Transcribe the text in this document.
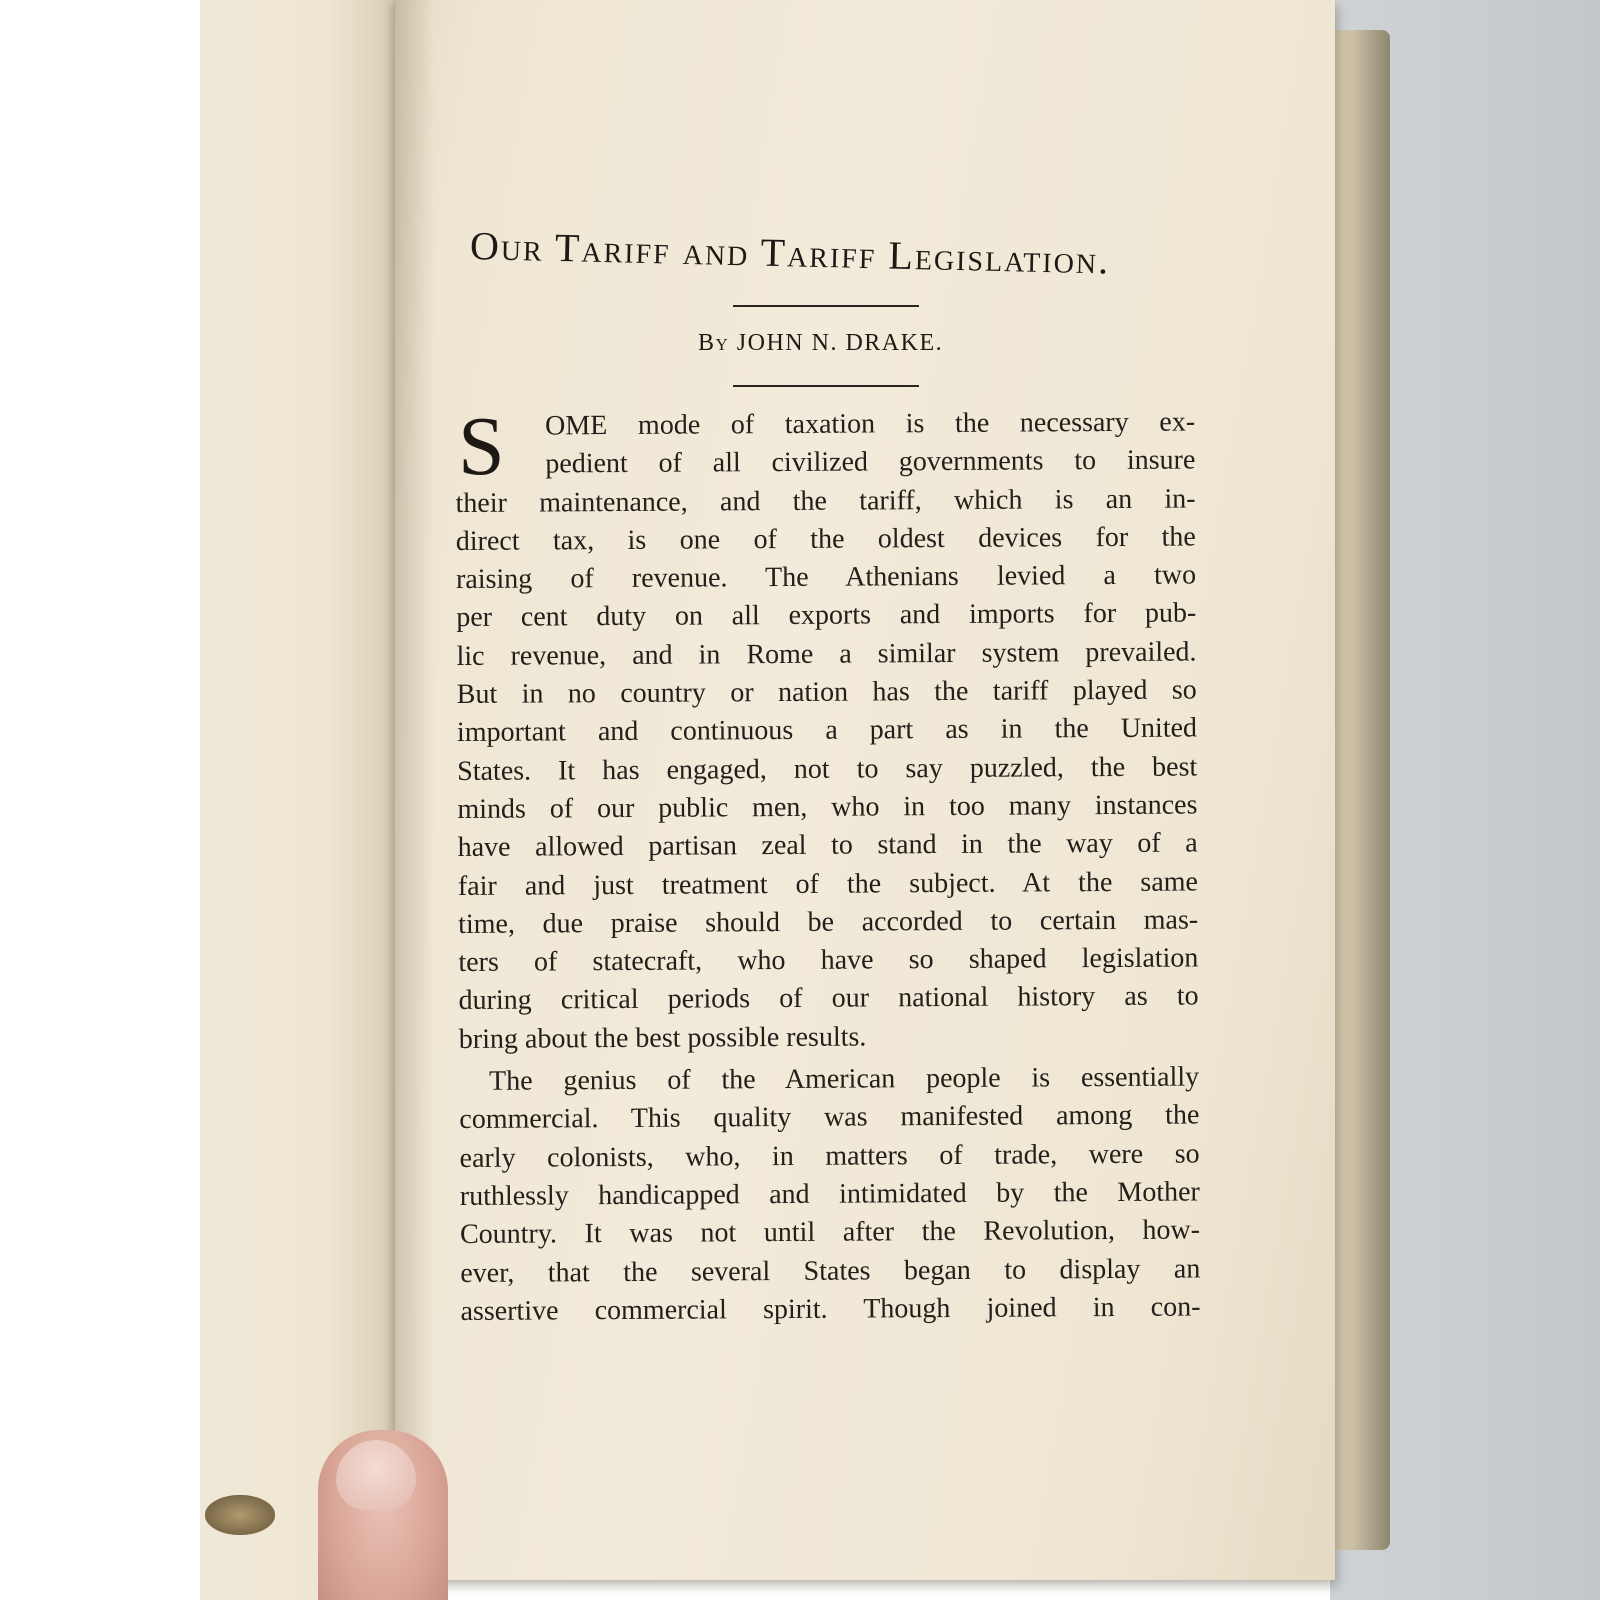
Our Tariff and Tariff Legislation.
By JOHN N. DRAKE.
S	OME mode of taxation is the necessary ex-
pedient of all civilized governments to insure
their maintenance, and the tariff, which is an in-
direct tax, is one of the oldest devices for the
raising of revenue. The Athenians levied a two
per cent duty on all exports and imports for pub-
lic revenue, and in Rome a similar system prevailed.
But in no country or nation has the tariff played so
important and continuous a part as in the United
States. It has engaged, not to say puzzled, the best
minds of our public men, who in too many instances
have allowed partisan zeal to stand in the way of a
fair and just treatment of the subject. At the same
time, due praise should be accorded to certain mas-
ters of statecraft, who have so shaped legislation
during critical periods of our national history as to
bring about the best possible results.
The genius of the American people is essentially
commercial. This quality was manifested among the
early colonists, who, in matters of trade, were so
ruthlessly handicapped and intimidated by the Mother
Country. It was not until after the Revolution, how-
ever, that the several States began to display an
assertive commercial spirit. Though joined in con-
